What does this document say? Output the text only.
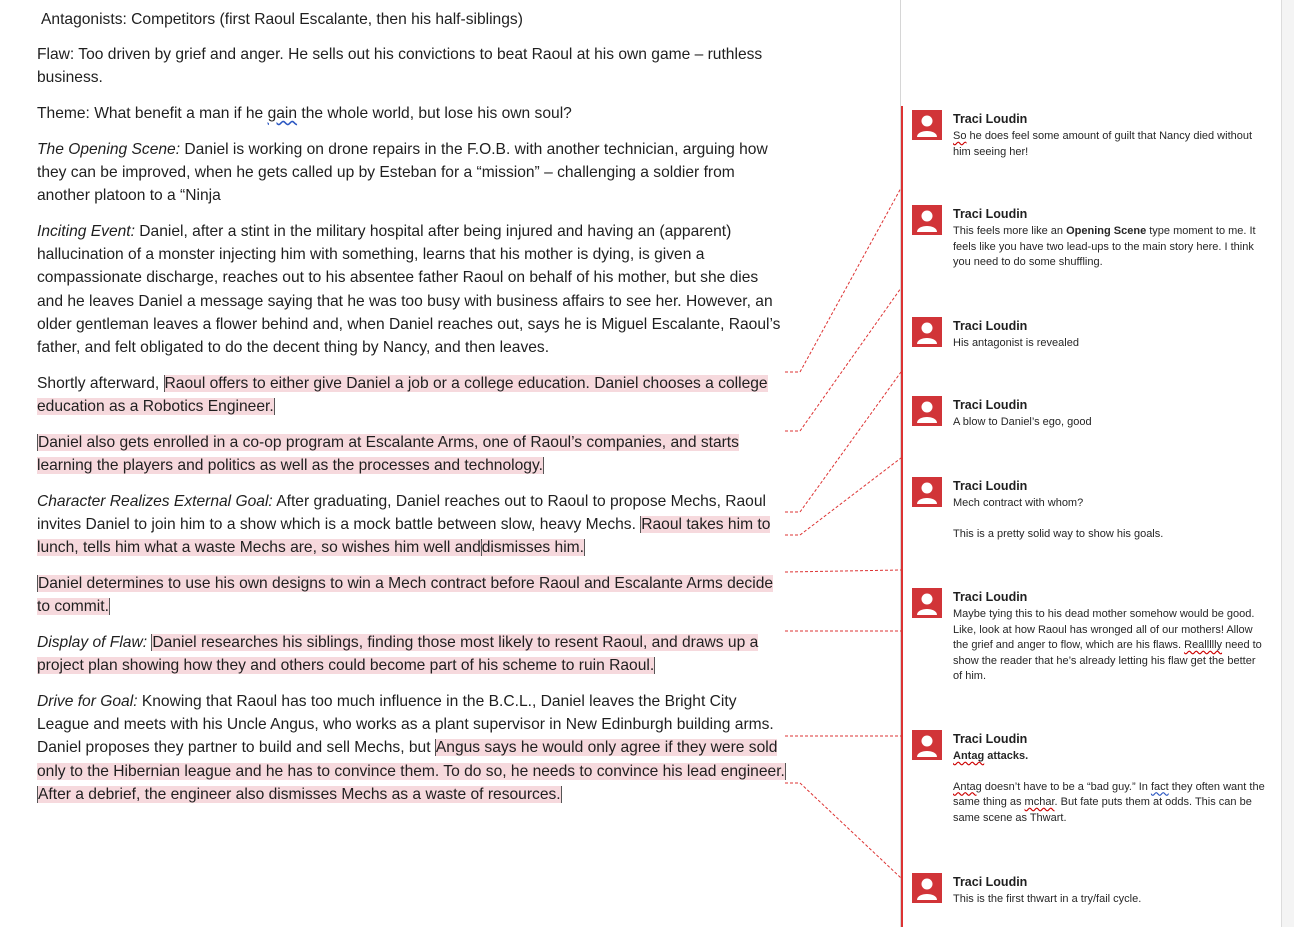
Antagonists: Competitors (first Raoul Escalante, then his half-siblings)

Flaw: Too driven by grief and anger. He sells out his convictions to beat Raoul at his own game – ruthless business.

Theme: What benefit a man if he gain the whole world, but lose his own soul?

The Opening Scene: Daniel is working on drone repairs in the F.O.B. with another technician, arguing how they can be improved, when he gets called up by Esteban for a “mission” – challenging a soldier from another platoon to a “Ninja

Inciting Event: Daniel, after a stint in the military hospital after being injured and having an (apparent) hallucination of a monster injecting him with something, learns that his mother is dying, is given a compassionate discharge, reaches out to his absentee father Raoul on behalf of his mother, but she dies and he leaves Daniel a message saying that he was too busy with business affairs to see her. However, an older gentleman leaves a flower behind and, when Daniel reaches out, says he is Miguel Escalante, Raoul’s father, and felt obligated to do the decent thing by Nancy, and then leaves.

Shortly afterward, Raoul offers to either give Daniel a job or a college education. Daniel chooses a college education as a Robotics Engineer.

Daniel also gets enrolled in a co-op program at Escalante Arms, one of Raoul’s companies, and starts learning the players and politics as well as the processes and technology.

Character Realizes External Goal: After graduating, Daniel reaches out to Raoul to propose Mechs, Raoul invites Daniel to join him to a show which is a mock battle between slow, heavy Mechs. Raoul takes him to lunch, tells him what a waste Mechs are, so wishes him well anddismisses him.

Daniel determines to use his own designs to win a Mech contract before Raoul and Escalante Arms decide to commit.

Display of Flaw: Daniel researches his siblings, finding those most likely to resent Raoul, and draws up a project plan showing how they and others could become part of his scheme to ruin Raoul.

Drive for Goal: Knowing that Raoul has too much influence in the B.C.L., Daniel leaves the Bright City League and meets with his Uncle Angus, who works as a plant supervisor in New Edinburgh building arms. Daniel proposes they partner to build and sell Mechs, but Angus says he would only agree if they were sold only to the Hibernian league and he has to convince them. To do so, he needs to convince his lead engineer. After a debrief, the engineer also dismisses Mechs as a waste of resources.

Traci Loudin
So he does feel some amount of guilt that Nancy died without him seeing her!
Traci Loudin
This feels more like an Opening Scene type moment to me. It feels like you have two lead-ups to the main story here. I think you need to do some shuffling.
Traci Loudin
His antagonist is revealed
Traci Loudin
A blow to Daniel’s ego, good
Traci Loudin
Mech contract with whom?
This is a pretty solid way to show his goals.
Traci Loudin
Maybe tying this to his dead mother somehow would be good. Like, look at how Raoul has wronged all of our mothers! Allow the grief and anger to flow, which are his flaws. Reallllly need to show the reader that he’s already letting his flaw get the better of him.
Traci Loudin
Antag attacks.
Antag doesn’t have to be a “bad guy.” In fact they often want the same thing as mchar. But fate puts them at odds. This can be same scene as Thwart.
Traci Loudin
This is the first thwart in a try/fail cycle.
